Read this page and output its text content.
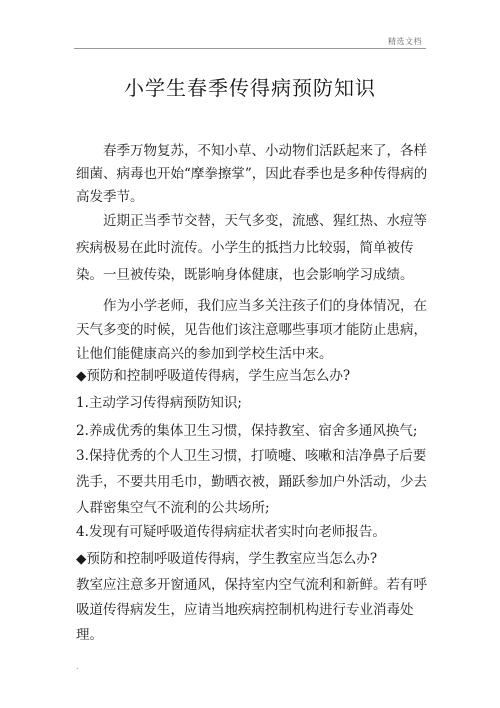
精选文档
小学生春季传得病预防知识
春季万物复苏，不知小草、小动物们活跃起来了，各样细菌、病毒也开始“摩拳擦掌”，因此春季也是多种传得病的高发季节。
近期正当季节交替，天气多变，流感、猩红热、水痘等疾病极易在此时流传。小学生的抵挡力比较弱，简单被传染。一旦被传染，既影响身体健康，也会影响学习成绩。
作为小学老师，我们应当多关注孩子们的身体情况，在天气多变的时候，见告他们该注意哪些事项才能防止患病，让他们能健康高兴的参加到学校生活中来。
◆预防和控制呼吸道传得病，学生应当怎么办?
1.主动学习传得病预防知识;
2.养成优秀的集体卫生习惯，保持教室、宿舍多通风换气;
3.保持优秀的个人卫生习惯，打喷嚏、咳嗽和洁净鼻子后要洗手，不要共用毛巾，勤晒衣被，踊跃参加户外活动，少去人群密集空气不流利的公共场所;
4.发现有可疑呼吸道传得病症状者实时向老师报告。
◆预防和控制呼吸道传得病，学生教室应当怎么办?
教室应注意多开窗通风，保持室内空气流利和新鲜。若有呼吸道传得病发生，应请当地疾病控制机构进行专业消毒处理。
.
